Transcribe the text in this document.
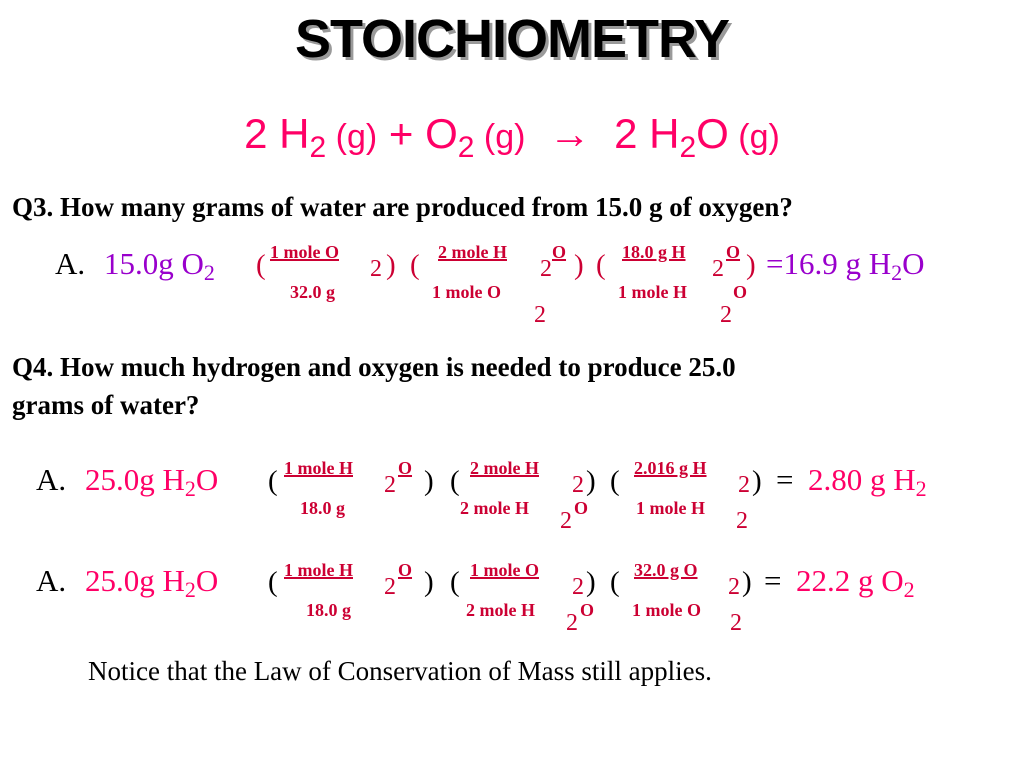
STOICHIOMETRY
2 $H_2$ $(g) + O_2$ (g)  →  2 $H_2O$ (g)
Q3. How many grams of water are produced from 15.0 g of oxygen?
A. 15.0g O2 ( 1 mole O
2 )
32.0 g
( 2 mole H
2
O )
1 mole O
2
( 18.0 g H
2
O )
1 mole H
2
O
=16.9 g H2O
Q4. How much hydrogen and oxygen is needed to produce 25.0
grams of water?
A. 25.0g H2O ( 1 mole H
2
O )
18.0 g
( 2 mole H
2 )
2 mole H 2 O
( 2.016 g H
2 )
1 mole H 2
= 2.80 g H2
A. 25.0g H2O ( 1 mole H
2
O )
18.0 g
( 1 mole O
2 )
2 mole H 2 O
( 32.0 g O
2 )
1 mole O 2
= 22.2 g O2
Notice that the Law of Conservation of Mass still applies.
